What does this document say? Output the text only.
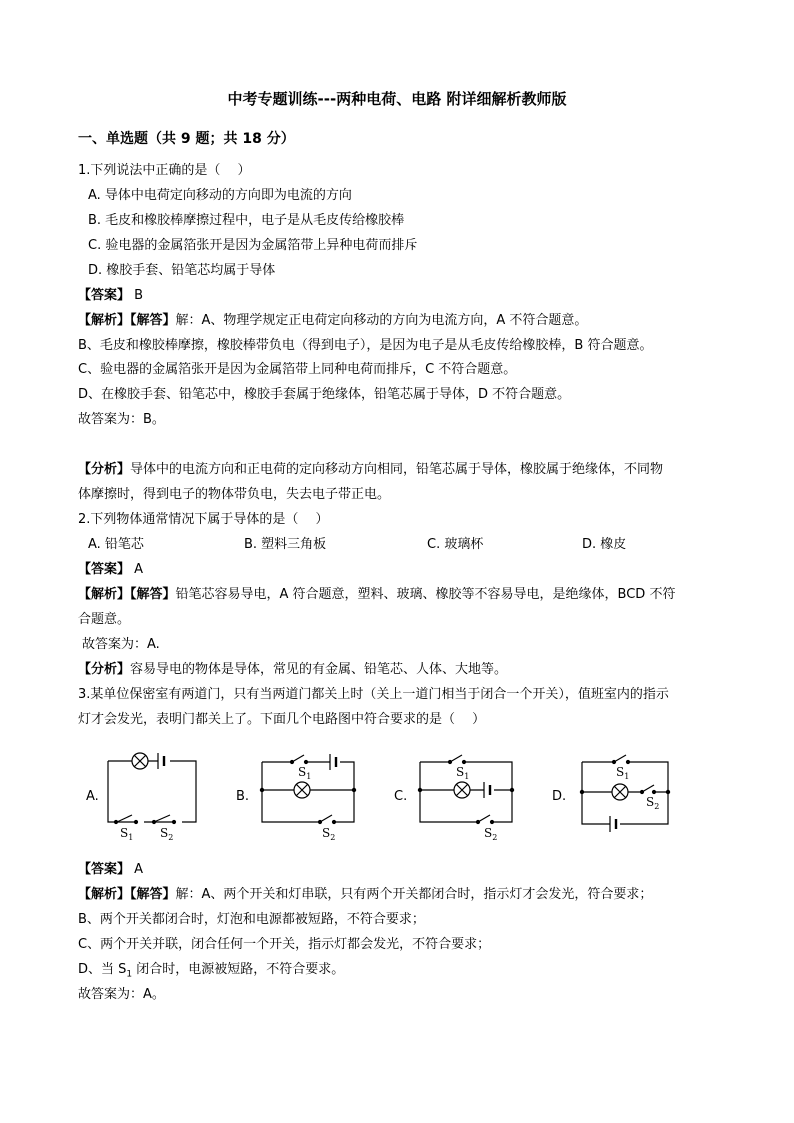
中考专题训练---两种电荷、电路 附详细解析教师版
一、单选题（共 9 题；共 18 分）
1.下列说法中正确的是（　 ）
A. 导体中电荷定向移动的方向即为电流的方向
B. 毛皮和橡胶棒摩擦过程中，电子是从毛皮传给橡胶棒
C. 验电器的金属箔张开是因为金属箔带上异种电荷而排斥
D. 橡胶手套、铅笔芯均属于导体
【答案】 B
【解析】【解答】解：A、物理学规定正电荷定向移动的方向为电流方向，A 不符合题意。
B、毛皮和橡胶棒摩擦，橡胶棒带负电（得到电子），是因为电子是从毛皮传给橡胶棒，B 符合题意。
C、验电器的金属箔张开是因为金属箔带上同种电荷而排斥，C 不符合题意。
D、在橡胶手套、铅笔芯中，橡胶手套属于绝缘体，铅笔芯属于导体，D 不符合题意。
故答案为：B。
【分析】导体中的电流方向和正电荷的定向移动方向相同，铅笔芯属于导体，橡胶属于绝缘体，不同物
体摩擦时，得到电子的物体带负电，失去电子带正电。
2.下列物体通常情况下属于导体的是（　 ）
A. 铅笔芯	B. 塑料三角板	C. 玻璃杯	D. 橡皮
【答案】 A
【解析】【解答】铅笔芯容易导电，A 符合题意，塑料、玻璃、橡胶等不容易导电，是绝缘体，BCD 不符
合题意。
故答案为：A.
【分析】容易导电的物体是导体，常见的有金属、铅笔芯、人体、大地等。
3.某单位保密室有两道门，只有当两道门都关上时（关上一道门相当于闭合一个开关），值班室内的指示
灯才会发光，表明门都关上了。下面几个电路图中符合要求的是（　 ）
A.
$S_1$ $S_2$
B.
$S_1$
$S_2$
C.
$S_1$
$S_2$
D.
$S_1$
$S_2$
【答案】 A
【解析】【解答】解：A、两个开关和灯串联，只有两个开关都闭合时，指示灯才会发光，符合要求；
B、两个开关都闭合时，灯泡和电源都被短路，不符合要求；
C、两个开关并联，闭合任何一个开关，指示灯都会发光，不符合要求；
D、当 $S_1$ 闭合时，电源被短路，不符合要求。
故答案为：A。
